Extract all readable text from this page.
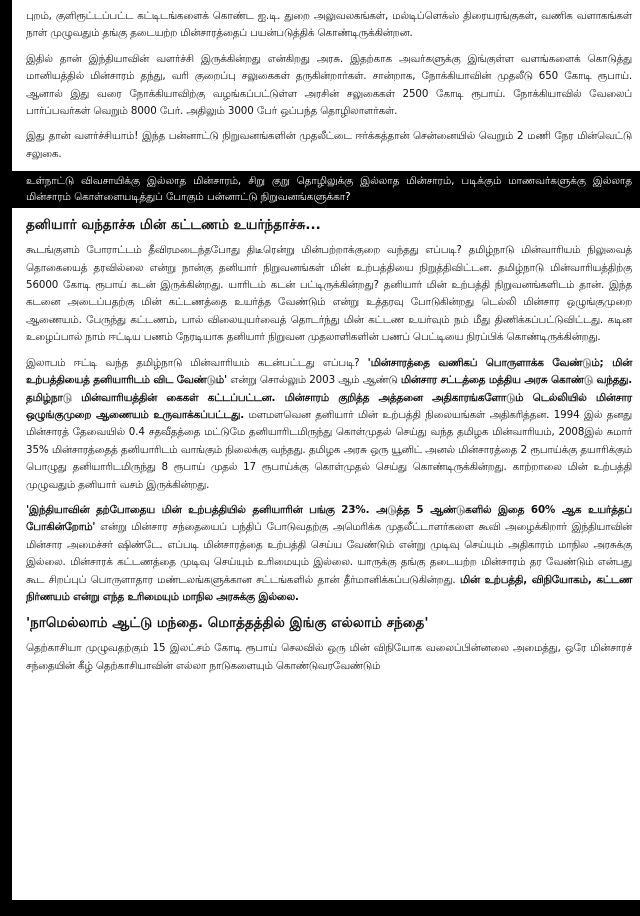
புறம், குளிரூட்டப்பட்ட கட்டிடங்களைக் கொண்ட ஐ.டி. துறை அலுவலகங்கள், மல்டிப்ளெக்ஸ் திரையரங்குகள், வணிக வளாகங்கள் நாள் முழுவதும் தங்கு தடையற்ற மின்சாரத்தைப் பயன்படுத்திக் கொண்டிருக்கின்றன.

இதில் தான் இந்தியாவின் வளர்ச்சி இருக்கின்றது என்கிறது அரசு. இதற்காக அவர்களுக்கு இங்குள்ள வளங்களைக் கொடுத்து மானியத்தில் மின்சாரம் தந்து, வரி குறைப்பு சலுகைகள் தருகின்றார்கள். சான்றாக, நோக்கியாவின் முதலீடு 650 கோடி ரூபாய். ஆனால் இது வரை நோக்கியாவிற்கு வழங்கப்பட்டுள்ள அரசின் சலுகைகள் 2500 கோடி ரூபாய். நோக்கியாவில் வேலைப் பார்ப்பவர்கள் வெறும் 8000 பேர். அதிலும் 3000 பேர் ஒப்பந்த தொழிலாளர்கள்.

இது தான் வளர்ச்சியாம்! இந்த பன்னாட்டு நிறுவனங்களின் முதலீட்டை ஈர்க்கத்தான் சென்னையில் வெறும் 2 மணி நேர மின்வெட்டு சலுகை.

உள்நாட்டு விவசாயிக்கு இல்லாத மின்சாரம், சிறு குறு தொழிலுக்கு இல்லாத மின்சாரம், படிக்கும் மாணவர்களுக்கு இல்லாத மின்சாரம் கொள்ளையடித்துப் போகும் பன்னாட்டு நிறுவனங்களுக்கா?
தனியார் வந்தாச்சு மின் கட்டணம் உயர்ந்தாச்சு...

கூடங்குளம் போராட்டம் தீவிரமடைந்தபோது திடீரென்று மின்பற்றாக்குறை வந்தது எப்படி? தமிழ்நாடு மின்வாரியம் நிலுவைத் தொகையைத் தரவில்லை என்று நான்கு தனியார் நிறுவனங்கள் மின் உற்பத்தியை நிறுத்திவிட்டன. தமிழ்நாடு மின்வாரியத்திற்கு 56000 கோடி ரூபாய் கடன் இருக்கின்றது. யாரிடம் கடன் பட்டிருக்கின்றது? தனியார் மின் உற்பத்தி நிறுவனங்களிடம் தான். இந்த கடனை அடைப்பதற்கு மின் கட்டணத்தை உயர்த்த வேண்டும் என்று உத்தரவு போடுகின்றது டெல்லி மின்சார ஒழுங்குமுறை ஆணையம். பேருந்து கட்டணம், பால் விலையுயர்வைத் தொடர்ந்து மின் கட்டண உயர்வும் நம் மீது திணிக்கப்பட்டுவிட்டது. கடின உழைப்பால் நாம் ஈட்டிய பணம் நேரடியாக தனியார் நிறுவன முதலாளிகளின் பணப் பெட்டியை நிரப்பிக் கொண்டிருக்கின்றது.

இலாபம் ஈட்டி வந்த தமிழ்நாடு மின்வாரியம் கடன்பட்டது எப்படி? 'மின்சாரத்தை வணிகப் பொருளாக்க வேண்டும்; மின் உற்பத்தியைத் தனியாரிடம் விட வேண்டும்' என்று சொல்லும் 2003 ஆம் ஆண்டு மின்சார சட்டத்தை மத்திய அரசு கொண்டு வந்தது. தமிழ்நாடு மின்வாரியத்தின் கைகள் கட்டப்பட்டன. மின்சாரம் குறித்த அத்தனை அதிகாரங்களோடும் டெல்லியில் மின்சார ஒழுங்குமுறை ஆணையம் உருவாக்கப்பட்டது. மளமளவென தனியார் மின் உற்பத்தி நிலையங்கள் அதிகரித்தன. 1994 இல் தனது மின்சாரத் தேவையில் 0.4 சதவீதத்தை மட்டுமே தனியாரிடமிருந்து கொள்முதல் செய்து வந்த தமிழக மின்வாரியம், 2008இல் சுமார் 35% மின்சாரத்தைத் தனியாரிடம் வாங்கும் நிலைக்கு வந்தது. தமிழக அரசு ஒரு யூனிட் அனல் மின்சாரத்தை 2 ரூபாய்க்கு தயாரிக்கும் பொழுது தனியாரிடமிருந்து 8 ரூபாய் முதல் 17 ரூபாய்க்கு கொள்முதல் செய்து கொண்டிருக்கின்றது. காற்றாலை மின் உற்பத்தி முழுவதும் தனியார் வசம் இருக்கின்றது.

'இந்தியாவின் தற்போதைய மின் உற்பத்தியில் தனியாரின் பங்கு 23%. அடுத்த 5 ஆண்டுகளில் இதை 60% ஆக உயர்த்தப் போகின்றோம்' என்று மின்சார சந்தையைப் பந்திப் போடுவதற்கு அமெரிக்க முதலீட்டாளர்களை கூவி அழைக்கிறார் இந்தியாவின் மின்சார அமைச்சர் ஷிண்டே. எப்படி மின்சாரத்தை உற்பத்தி செய்ய வேண்டும் என்று முடிவு செய்யும் அதிகாரம் மாநில அரசுக்கு இல்லை. மின்சாரக் கட்டணத்தை முடிவு செய்யும் உரிமையும் இல்லை. யாருக்கு தங்கு தடையற்ற மின்சாரம் தர வேண்டும் என்பது கூட சிறப்புப் பொருளாதார மண்டலங்களுக்கான சட்டங்களில் தான் தீர்மானிக்கப்படுகின்றது. மின் உற்பத்தி, விநியோகம், கட்டண நிர்ணயம் என்று எந்த உரிமையும் மாநில அரசுக்கு இல்லை.

'நாமெல்லாம் ஆட்டு மந்தை. மொத்தத்தில் இங்கு எல்லாம் சந்தை'

தெற்காசியா முழுவதற்கும் 15 இலட்சம் கோடி ரூபாய் செலவில் ஒரு மின் விநியோக வலைப்பின்னலை அமைத்து, ஒரே மின்சாரச் சந்தையின் கீழ் தெற்காசியாவின் எல்லா நாடுகளையும் கொண்டுவரவேண்டும்
